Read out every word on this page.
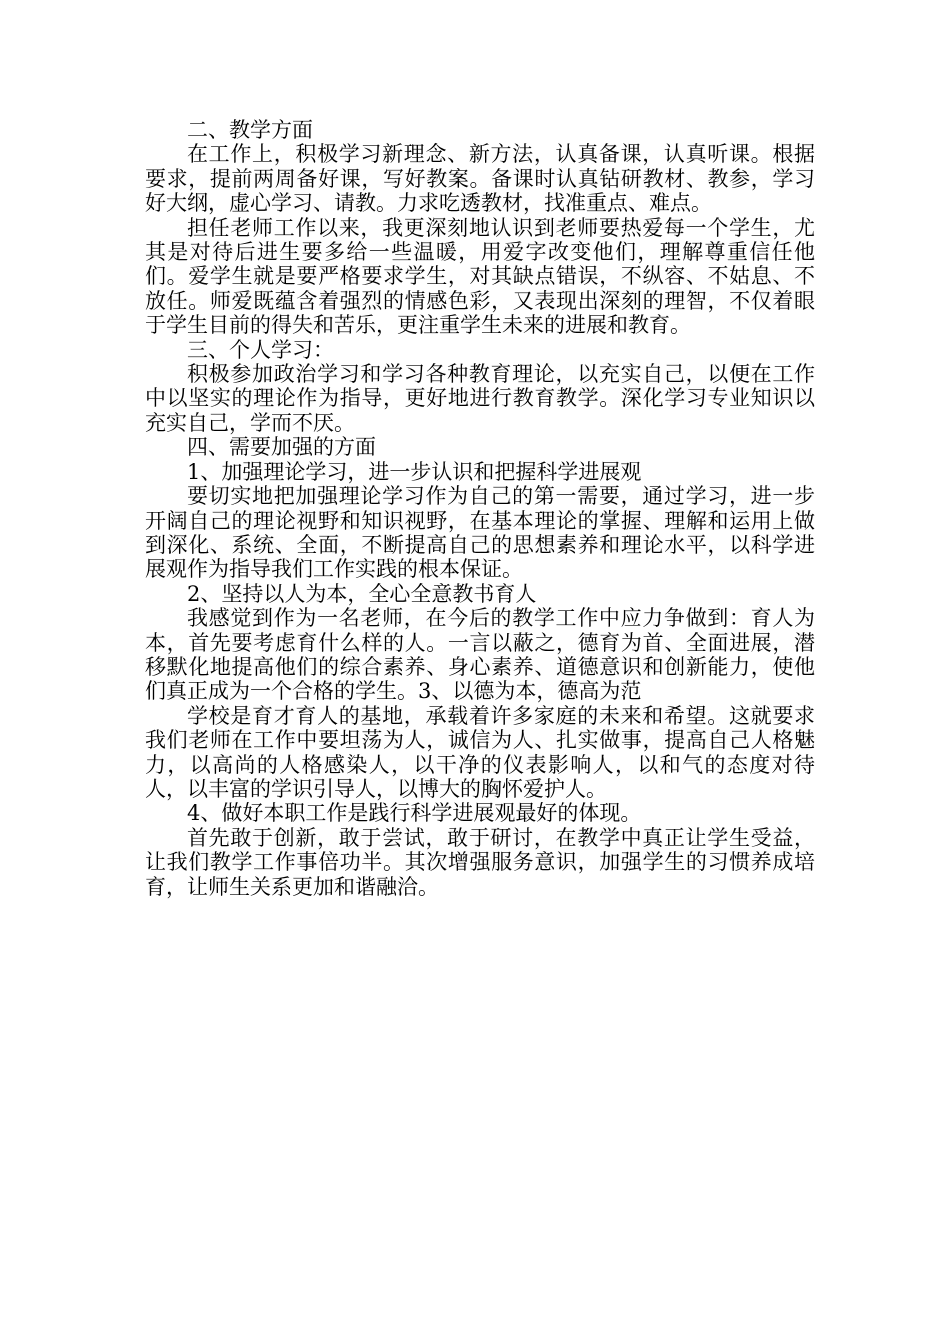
二、教学方面

在工作上，积极学习新理念、新方法，认真备课，认真听课。根据要求，提前两周备好课，写好教案。备课时认真钻研教材、教参，学习好大纲，虚心学习、请教。力求吃透教材，找准重点、难点。

担任老师工作以来，我更深刻地认识到老师要热爱每一个学生，尤其是对待后进生要多给一些温暖，用爱字改变他们，理解尊重信任他们。爱学生就是要严格要求学生，对其缺点错误，不纵容、不姑息、不放任。师爱既蕴含着强烈的情感色彩，又表现出深刻的理智，不仅着眼于学生目前的得失和苦乐，更注重学生未来的进展和教育。

三、个人学习：

积极参加政治学习和学习各种教育理论，以充实自己，以便在工作中以坚实的理论作为指导，更好地进行教育教学。深化学习专业知识以充实自己，学而不厌。

四、需要加强的方面

1、加强理论学习，进一步认识和把握科学进展观

要切实地把加强理论学习作为自己的第一需要，通过学习，进一步开阔自己的理论视野和知识视野，在基本理论的掌握、理解和运用上做到深化、系统、全面，不断提高自己的思想素养和理论水平，以科学进展观作为指导我们工作实践的根本保证。

2、坚持以人为本，全心全意教书育人

我感觉到作为一名老师，在今后的教学工作中应力争做到：育人为本，首先要考虑育什么样的人。一言以蔽之，德育为首、全面进展，潜移默化地提高他们的综合素养、身心素养、道德意识和创新能力，使他们真正成为一个合格的学生。3、以德为本，德高为范

学校是育才育人的基地，承载着许多家庭的未来和希望。这就要求我们老师在工作中要坦荡为人，诚信为人、扎实做事，提高自己人格魅力，以高尚的人格感染人，以干净的仪表影响人，以和气的态度对待人，以丰富的学识引导人，以博大的胸怀爱护人。

4、做好本职工作是践行科学进展观最好的体现。

首先敢于创新，敢于尝试，敢于研讨，在教学中真正让学生受益，让我们教学工作事倍功半。其次增强服务意识，加强学生的习惯养成培育，让师生关系更加和谐融洽。
